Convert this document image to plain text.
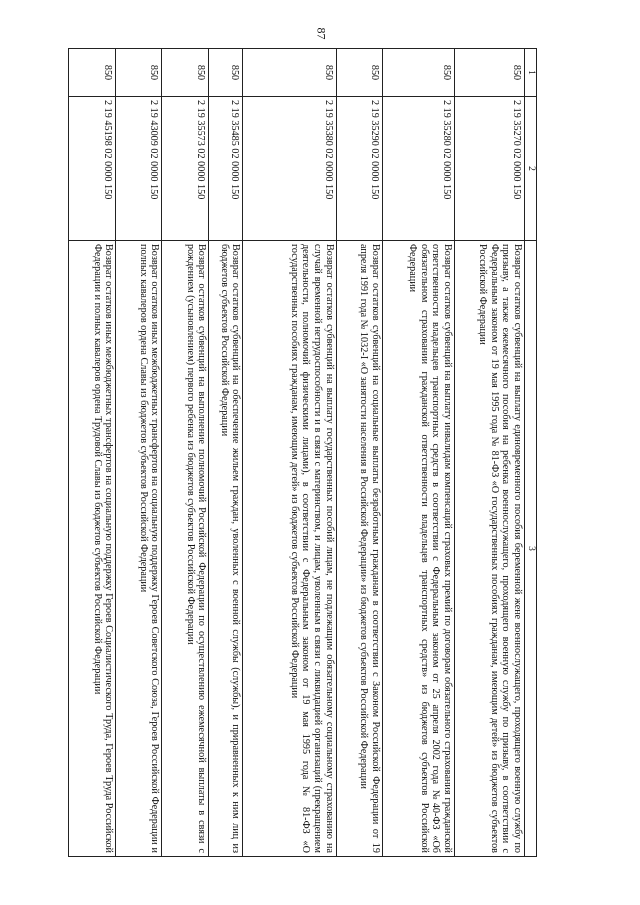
87
1	2	3
850	2 19 35270 02 0000 150	Возврат остатков субвенций на выплату единовременного пособия беременной жене военнослужащего, проходящего военную службу по призыву, а также ежемесячного пособия на ребенка военнослужащего, проходящего военную службу по призыву, в соответствии с Федеральным законом от 19 мая 1995 года № 81-ФЗ «О государственных пособиях гражданам, имеющим детей» из бюджетов субъектов Российской Федерации
850	2 19 35280 02 0000 150	Возврат остатков субвенций на выплату инвалидам компенсаций страховых премий по договорам обязательного страхования гражданской ответственности владельцев транспортных средств в соответствии с Федеральным законом от 25 апреля 2002 года №40-ФЗ «Об обязательном страховании гражданской ответственности владельцев транспортных средств» из бюджетов субъектов Российской Федерации
850	2 19 35290 02 0000 150	Возврат остатков субвенций на социальные выплаты безработным гражданам в соответствии с Законом Российской Федерации от 19 апреля 1991 года № 1032-I «О занятости населения в Российской Федерации» из бюджетов субъектов Российской Федерации
850	2 19 35380 02 0000 150	Возврат остатков субвенций на выплату государственных пособий лицам, не подлежащим обязательному социальному страхованию на случай временной нетрудоспособности и в связи с материнством, и лицам, уволенным в связи с ликвидацией организаций (прекращением деятельности, полномочий физическими лицами), в соответствии с Федеральным законом от 19 мая 1995 года № 81-ФЗ «О государственных пособиях гражданам, имеющим детей» из бюджетов субъектов Российской Федерации
850	2 19 35485 02 0000 150	Возврат остатков субвенций на обеспечение жильем граждан, уволенных с военной службы (службы), и приравненных к ним лиц из бюджетов субъектов Российской Федерации
850	2 19 35573 02 0000 150	Возврат остатков субвенций на выполнение полномочий Российской Федерации по осуществлению ежемесячной выплаты в связи с рождением (усыновлением) первого ребенка из бюджетов субъектов Российской Федерации
850	2 19 43009 02 0000 150	Возврат остатков иных межбюджетных трансфертов на социальную поддержку Героев Советского Союза, Героев Российской Федерации и полных кавалеров ордена Славы из бюджетов субъектов Российской Федерации
850	2 19 45198 02 0000 150	Возврат остатков иных межбюджетных трансфертов на социальную поддержку Героев Социалистического Труда, Героев Труда Российской Федерации и полных кавалеров ордена Трудовой Славы из бюджетов субъектов Российской Федерации
